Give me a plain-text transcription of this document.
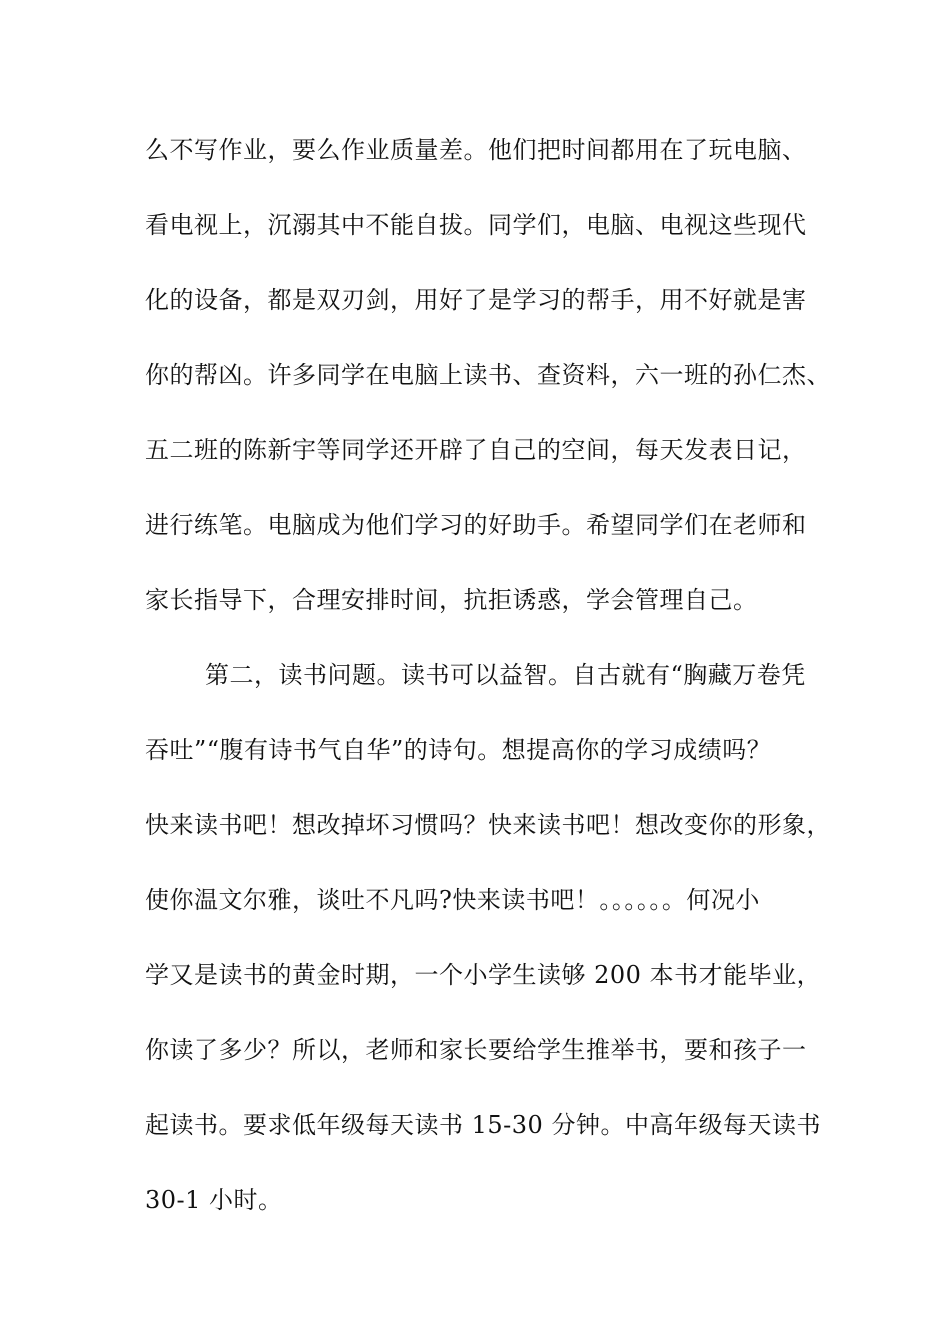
么不写作业，要么作业质量差。他们把时间都用在了玩电脑、
看电视上，沉溺其中不能自拔。同学们，电脑、电视这些现代
化的设备，都是双刃剑，用好了是学习的帮手，用不好就是害
你的帮凶。许多同学在电脑上读书、查资料，六一班的孙仁杰、
五二班的陈新宇等同学还开辟了自己的空间，每天发表日记，
进行练笔。电脑成为他们学习的好助手。希望同学们在老师和
家长指导下，合理安排时间，抗拒诱惑，学会管理自己。
第二，读书问题。读书可以益智。自古就有“胸藏万卷凭
吞吐”“腹有诗书气自华”的诗句。想提高你的学习成绩吗？
快来读书吧！想改掉坏习惯吗？快来读书吧！想改变你的形象，
使你温文尔雅，谈吐不凡吗?快来读书吧！。。。。。。何况小
学又是读书的黄金时期，一个小学生读够 200 本书才能毕业，
你读了多少？所以，老师和家长要给学生推举书，要和孩子一
起读书。要求低年级每天读书 15-30 分钟。中高年级每天读书
30-1 小时。
